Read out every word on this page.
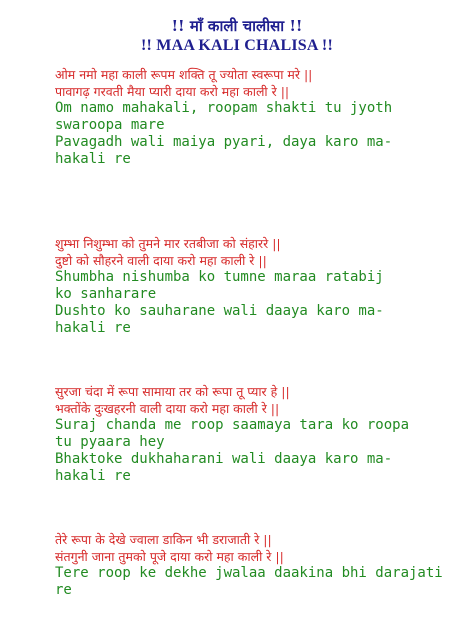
!! माँ काली चालीसा !!
!! MAA KALI CHALISA !!
ओम नमो महा काली रूपम शक्ति तू ज्योता स्वरूपा मरे ||
पावागढ़ गरवती मैया प्यारी दाया करो महा काली रे ||
Om namo mahakali, roopam shakti tu jyoth
swaroopa mare
Pavagadh wali maiya pyari, daya karo ma-
hakali re
शुम्भा निशुम्भा को तुमने मार रतबीजा को संहाररे ||
दुष्टो को सौहरने वाली दाया करो महा काली रे ||
Shumbha nishumba ko tumne maraa ratabij
ko sanharare
Dushto ko sauharane wali daaya karo ma-
hakali re
सुरजा चंदा में रूपा सामाया तर को रूपा तू प्यार हे ||
भक्तोंके दुःखहरनी वाली दाया करो महा काली रे ||
Suraj chanda me roop saamaya tara ko roopa
tu pyaara hey
Bhaktoke dukhaharani wali daaya karo ma-
hakali re
तेरे रूपा के देखे ज्वाला डाकिन भी डराजाती रे ||
संतगुनी जाना तुमको पूजे दाया करो महा काली रे ||
Tere roop ke dekhe jwalaa daakina bhi darajati
re
